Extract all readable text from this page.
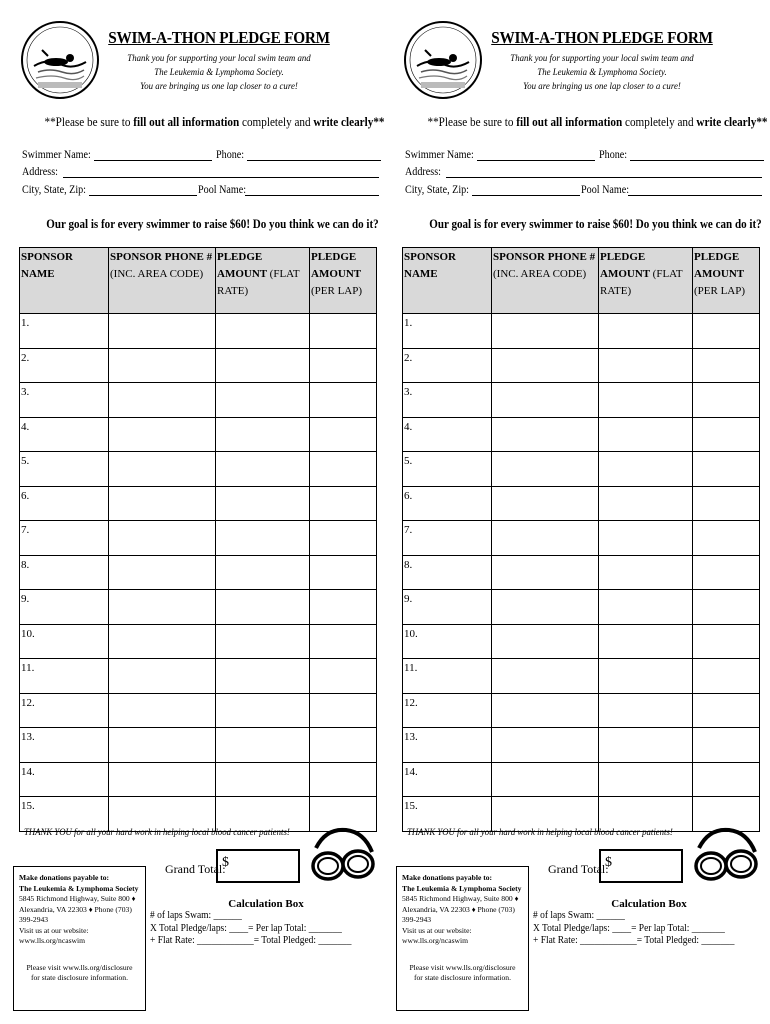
SWIM-A-THON PLEDGE FORM
Thank you for supporting your local swim team and
The Leukemia & Lymphoma Society.
You are bringing us one lap closer to a cure!
**Please be sure to fill out all information completely and write clearly**
Swimmer Name:	Phone:
Address:
City, State, Zip:	Pool Name:
Our goal is for every swimmer to raise $60! Do you think we can do it?
SPONSOR NAME	SPONSOR PHONE # (INC. AREA CODE)	PLEDGE AMOUNT (FLAT RATE)	PLEDGE AMOUNT (PER LAP)
1.			
2.			
3.			
4.			
5.			
6.			
7.			
8.			
9.			
10.			
11.			
12.			
13.			
14.			
15.			
THANK YOU for all your hard work in helping local blood cancer patients!
Grand Total:
$
Make donations payable to:
The Leukemia & Lymphoma Society
5845 Richmond Highway, Suite 800 ♦
Alexandria, VA 22303 ♦ Phone (703) 399-2943
Visit us at our website: www.lls.org/ncaswim
Please visit www.lls.org/disclosure
for state disclosure information.
Calculation Box
# of laps Swam: ______
X Total Pledge/laps: ____= Per lap Total: _______
+ Flat Rate: ____________= Total Pledged: _______
SWIM-A-THON PLEDGE FORM
Thank you for supporting your local swim team and
The Leukemia & Lymphoma Society.
You are bringing us one lap closer to a cure!
**Please be sure to fill out all information completely and write clearly**
Swimmer Name:	Phone:
Address:
City, State, Zip:	Pool Name:
Our goal is for every swimmer to raise $60! Do you think we can do it?
SPONSOR NAME	SPONSOR PHONE # (INC. AREA CODE)	PLEDGE AMOUNT (FLAT RATE)	PLEDGE AMOUNT (PER LAP)
1.			
2.			
3.			
4.			
5.			
6.			
7.			
8.			
9.			
10.			
11.			
12.			
13.			
14.			
15.			
THANK YOU for all your hard work in helping local blood cancer patients!
Grand Total:
$
Make donations payable to:
The Leukemia & Lymphoma Society
5845 Richmond Highway, Suite 800 ♦
Alexandria, VA 22303 ♦ Phone (703) 399-2943
Visit us at our website: www.lls.org/ncaswim
Please visit www.lls.org/disclosure
for state disclosure information.
Calculation Box
# of laps Swam: ______
X Total Pledge/laps: ____= Per lap Total: _______
+ Flat Rate: ____________= Total Pledged: _______
